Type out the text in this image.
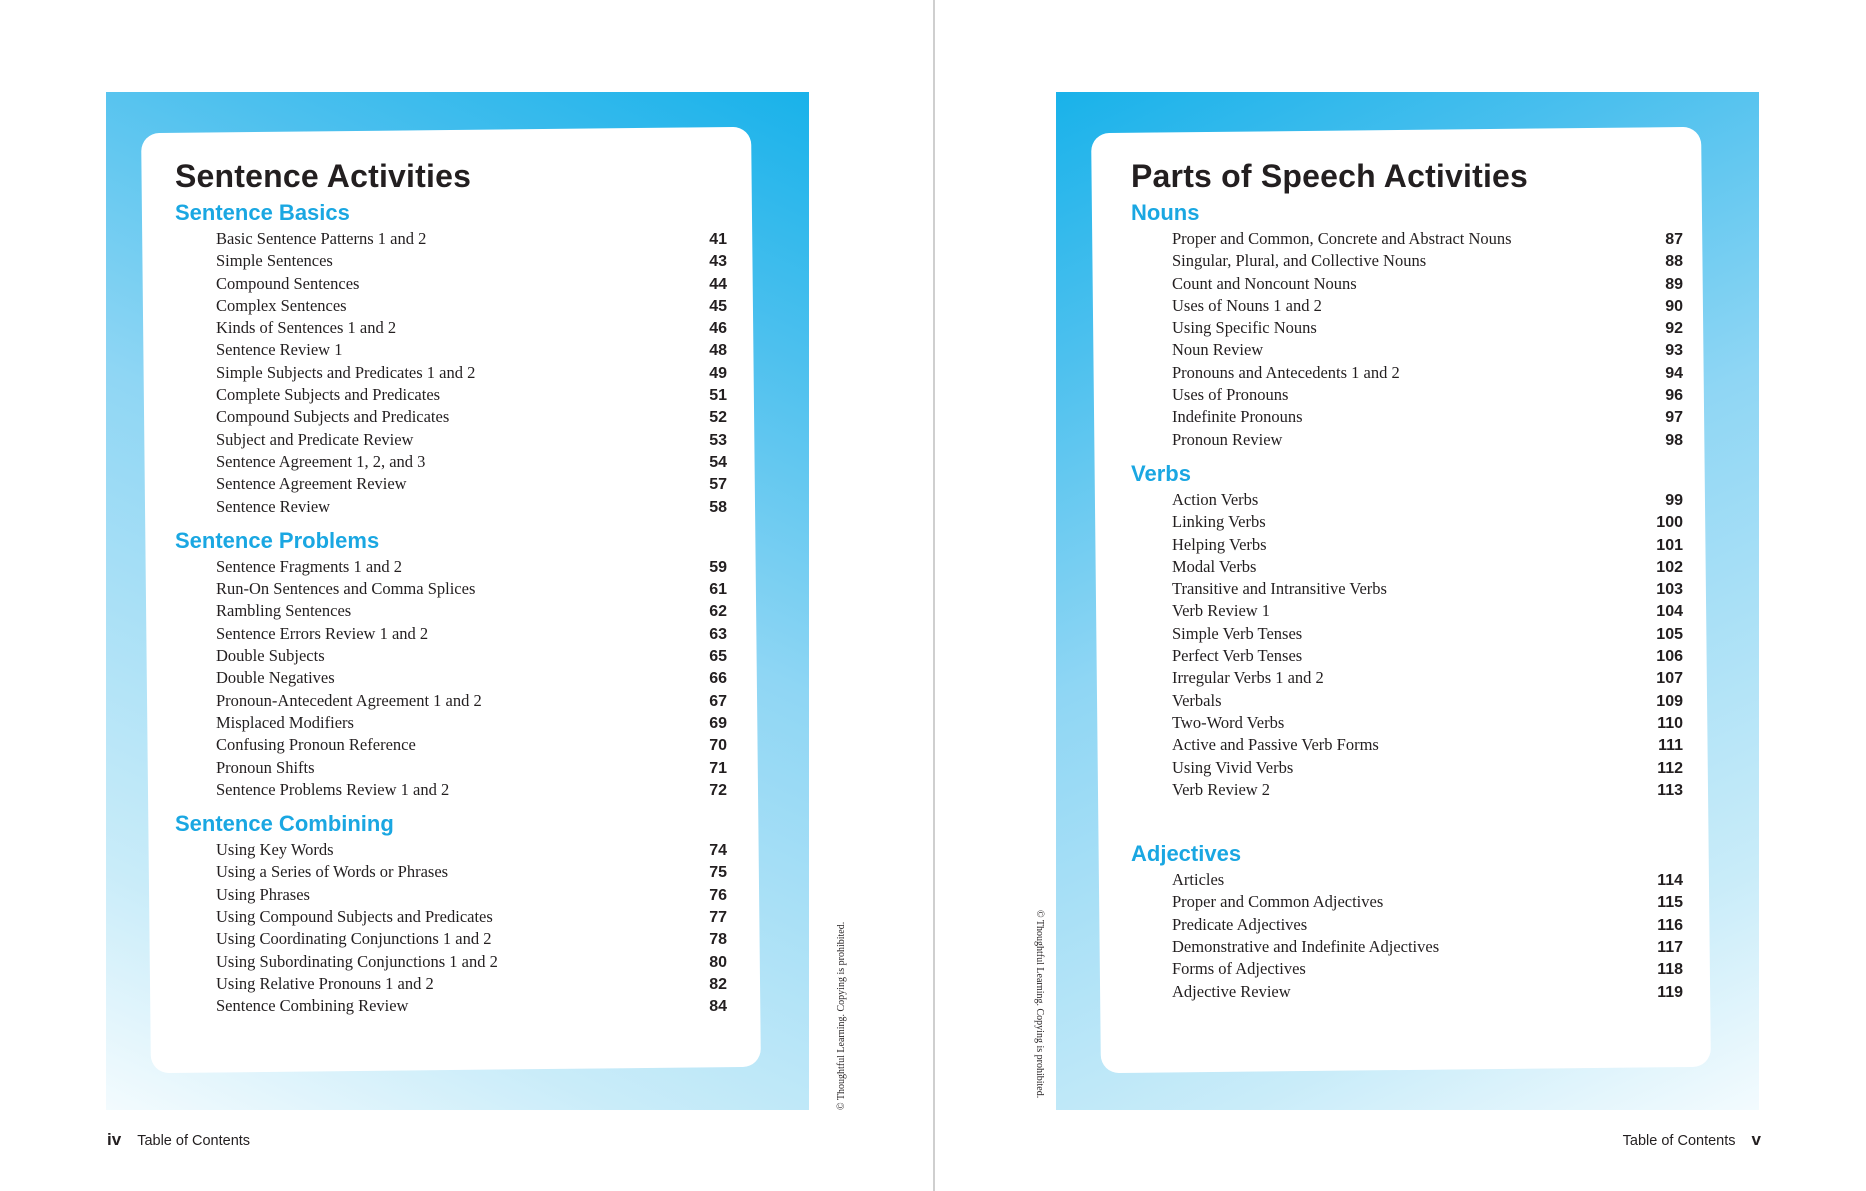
Sentence Activities
Sentence Basics
Basic Sentence Patterns 1 and 2	41
Simple Sentences	43
Compound Sentences	44
Complex Sentences	45
Kinds of Sentences 1 and 2	46
Sentence Review 1	48
Simple Subjects and Predicates 1 and 2	49
Complete Subjects and Predicates	51
Compound Subjects and Predicates	52
Subject and Predicate Review	53
Sentence Agreement 1, 2, and 3	54
Sentence Agreement Review	57
Sentence Review	58
Sentence Problems
Sentence Fragments 1 and 2	59
Run-On Sentences and Comma Splices	61
Rambling Sentences	62
Sentence Errors Review 1 and 2	63
Double Subjects	65
Double Negatives	66
Pronoun-Antecedent Agreement 1 and 2	67
Misplaced Modifiers	69
Confusing Pronoun Reference	70
Pronoun Shifts	71
Sentence Problems Review 1 and 2	72
Sentence Combining
Using Key Words	74
Using a Series of Words or Phrases	75
Using Phrases	76
Using Compound Subjects and Predicates	77
Using Coordinating Conjunctions 1 and 2	78
Using Subordinating Conjunctions 1 and 2	80
Using Relative Pronouns 1 and 2	82
Sentence Combining Review	84	© Thoughtful Learning. Copying is prohibited.
iv Table of Contents
Parts of Speech Activities
Nouns
Proper and Common, Concrete and Abstract Nouns	87
Singular, Plural, and Collective Nouns	88
Count and Noncount Nouns	89
Uses of Nouns 1 and 2	90
Using Specific Nouns	92
Noun Review	93
Pronouns and Antecedents 1 and 2	94
Uses of Pronouns	96
Indefinite Pronouns	97
Pronoun Review	98
Verbs
Action Verbs	99
Linking Verbs	100
Helping Verbs	101
Modal Verbs	102
Transitive and Intransitive Verbs	103
Verb Review 1	104
Simple Verb Tenses	105
Perfect Verb Tenses	106
Irregular Verbs 1 and 2	107
Verbals	109
Two-Word Verbs	110
Active and Passive Verb Forms	111
Using Vivid Verbs	112
Verb Review 2	113
Adjectives
Articles	114
Proper and Common Adjectives	115
Predicate Adjectives	116
Demonstrative and Indefinite Adjectives	117
Forms of Adjectives	118
Adjective Review	119
© Thoughtful Learning. Copying is prohibited.
Table of Contents v
